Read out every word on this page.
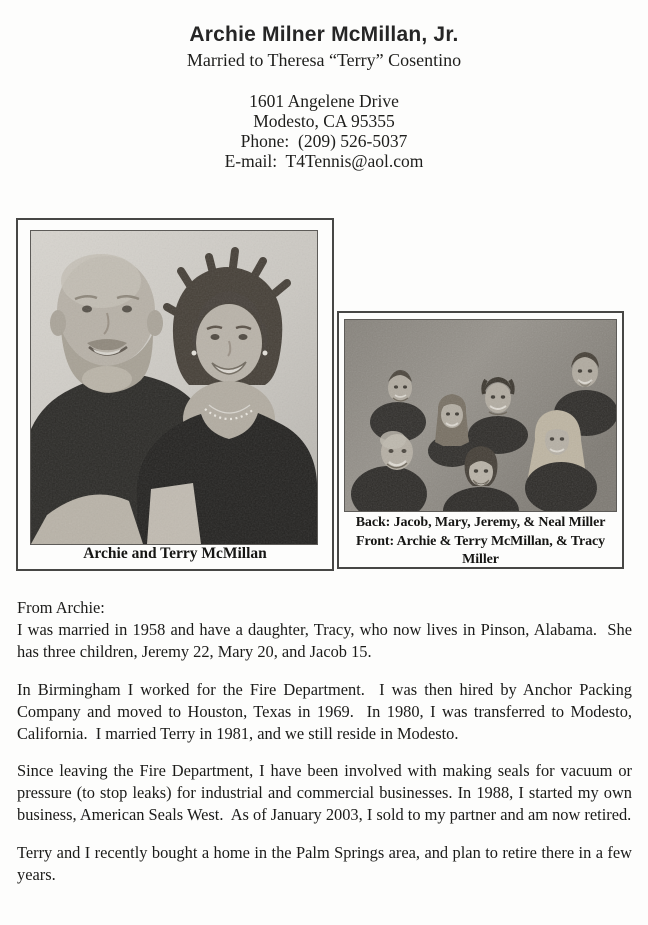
Archie Milner McMillan, Jr.
Married to Theresa “Terry” Cosentino
1601 Angelene Drive
Modesto, CA 95355
Phone:  (209) 526-5037
E-mail:  T4Tennis@aol.com
Archie and Terry McMillan
Back: Jacob, Mary, Jeremy, & Neal Miller
Front: Archie & Terry McMillan, & Tracy
Miller

From Archie:
I was married in 1958 and have a daughter, Tracy, who now lives in Pinson, Alabama.  She has three children, Jeremy 22, Mary 20, and Jacob 15.

In Birmingham I worked for the Fire Department.  I was then hired by Anchor Packing Company and moved to Houston, Texas in 1969.  In 1980, I was transferred to Modesto, California.  I married Terry in 1981, and we still reside in Modesto.

Since leaving the Fire Department, I have been involved with making seals for vacuum or pressure (to stop leaks) for industrial and commercial businesses. In 1988, I started my own business, American Seals West.  As of January 2003, I sold to my partner and am now retired.

Terry and I recently bought a home in the Palm Springs area, and plan to retire there in a few years.
